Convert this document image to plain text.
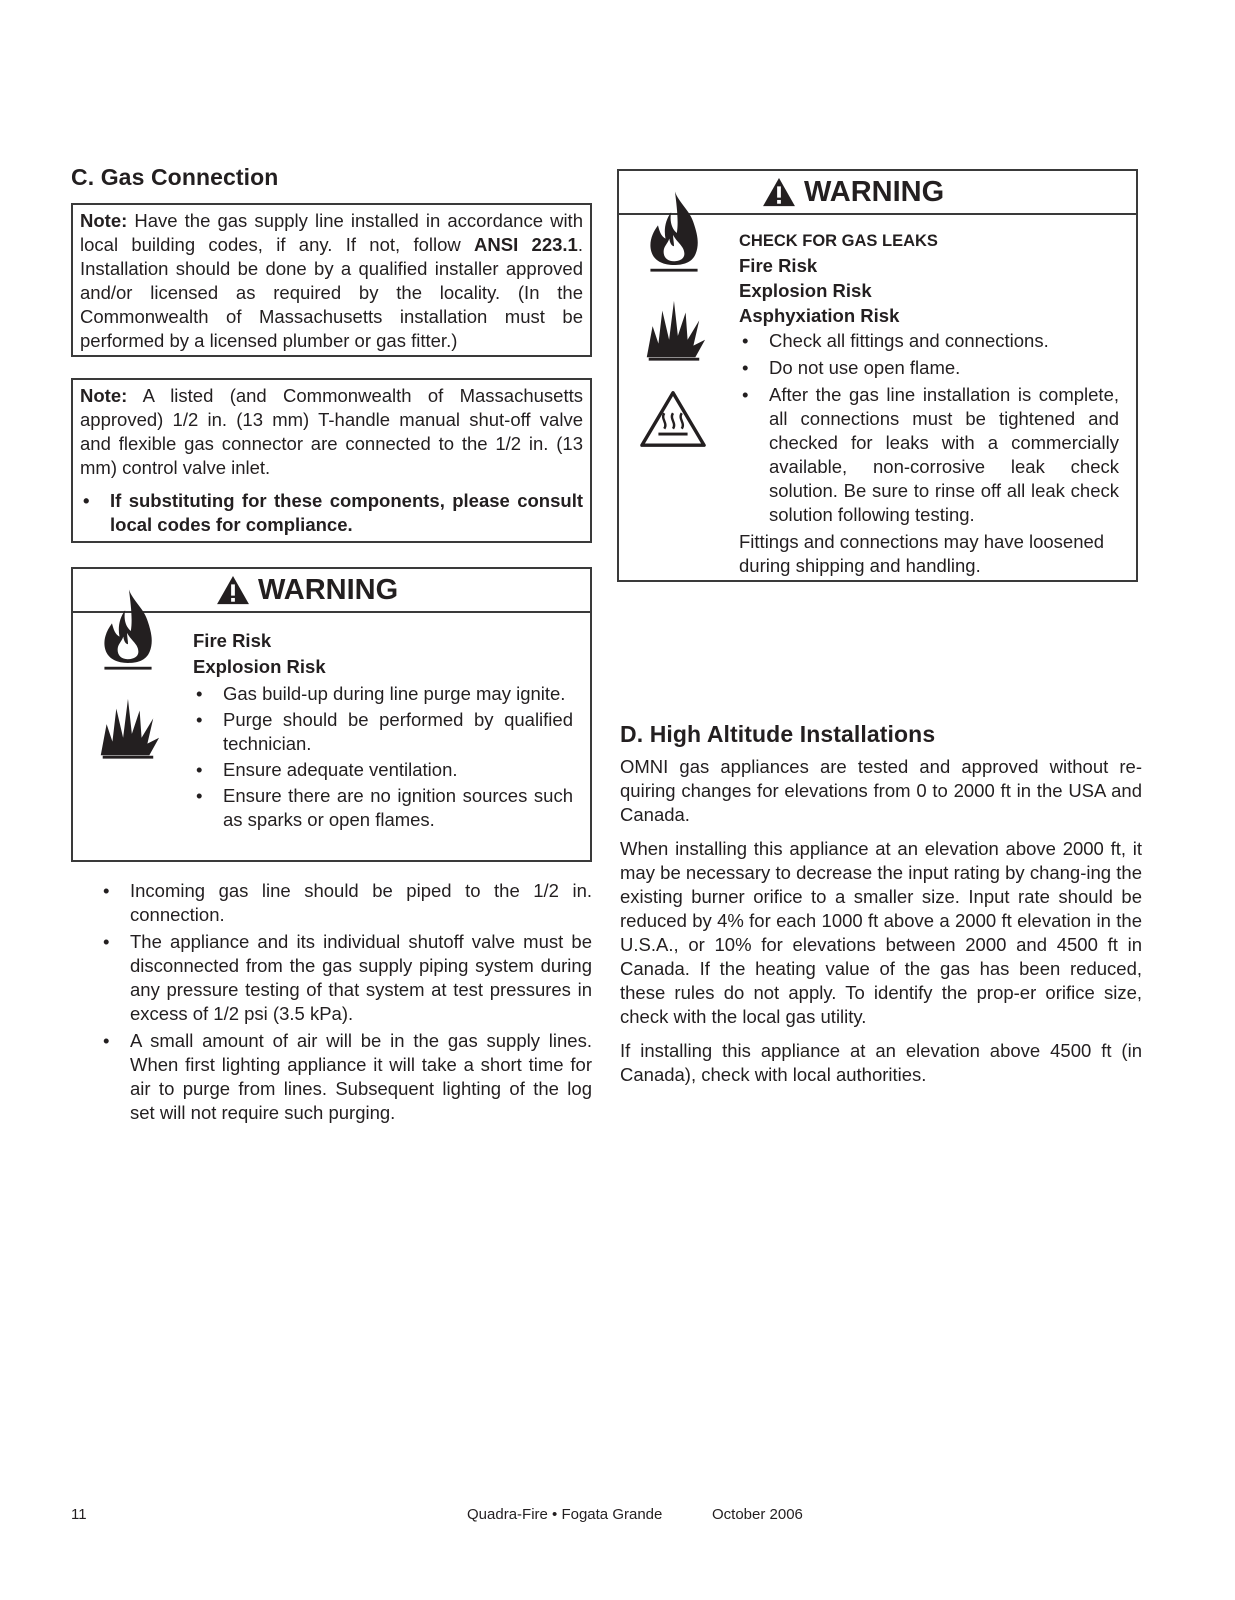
C. Gas Connection

Note: Have the gas supply line installed in accordance with local building codes, if any. If not, follow ANSI 223.1. Installation should be done by a qualified installer approved and/or licensed as required by the locality. (In the Commonwealth of Massachusetts installation must be performed by a licensed plumber or gas fitter.)

Note: A listed (and Commonwealth of Massachusetts approved) 1/2 in. (13 mm) T-handle manual shut-off valve and flexible gas connector are connected to the 1/2 in. (13 mm) control valve inlet.

• If substituting for these components, please consult local codes for compliance.
WARNING
Fire Risk
Explosion Risk
• Gas build-up during line purge may ignite.
• Purge should be performed by qualified technician.
• Ensure adequate ventilation.
• Ensure there are no ignition sources such as sparks or open flames.
• Incoming gas line should be piped to the 1/2 in. connection.
• The appliance and its individual shutoff valve must be disconnected from the gas supply piping system during any pressure testing of that system at test pressures in excess of 1/2 psi (3.5 kPa).
• A small amount of air will be in the gas supply lines. When first lighting appliance it will take a short time for air to purge from lines. Subsequent lighting of the log set will not require such purging.
WARNING
CHECK FOR GAS LEAKS
Fire Risk
Explosion Risk
Asphyxiation Risk
• Check all fittings and connections.
• Do not use open flame.
• After the gas line installation is complete, all connections must be tightened and checked for leaks with a commercially available, non-corrosive leak check solution. Be sure to rinse off all leak check solution following testing.
Fittings and connections may have loosened during shipping and handling.
D. High Altitude Installations

OMNI gas appliances are tested and approved without re-quiring changes for elevations from 0 to 2000 ft in the USA and Canada.

When installing this appliance at an elevation above 2000 ft, it may be necessary to decrease the input rating by chang-ing the existing burner orifice to a smaller size. Input rate should be reduced by 4% for each 1000 ft above a 2000 ft elevation in the U.S.A., or 10% for elevations between 2000 and 4500 ft in Canada. If the heating value of the gas has been reduced, these rules do not apply. To identify the prop-er orifice size, check with the local gas utility.

If installing this appliance at an elevation above 4500 ft (in Canada), check with local authorities.

11	Quadra-Fire • Fogata Grande	October 2006
